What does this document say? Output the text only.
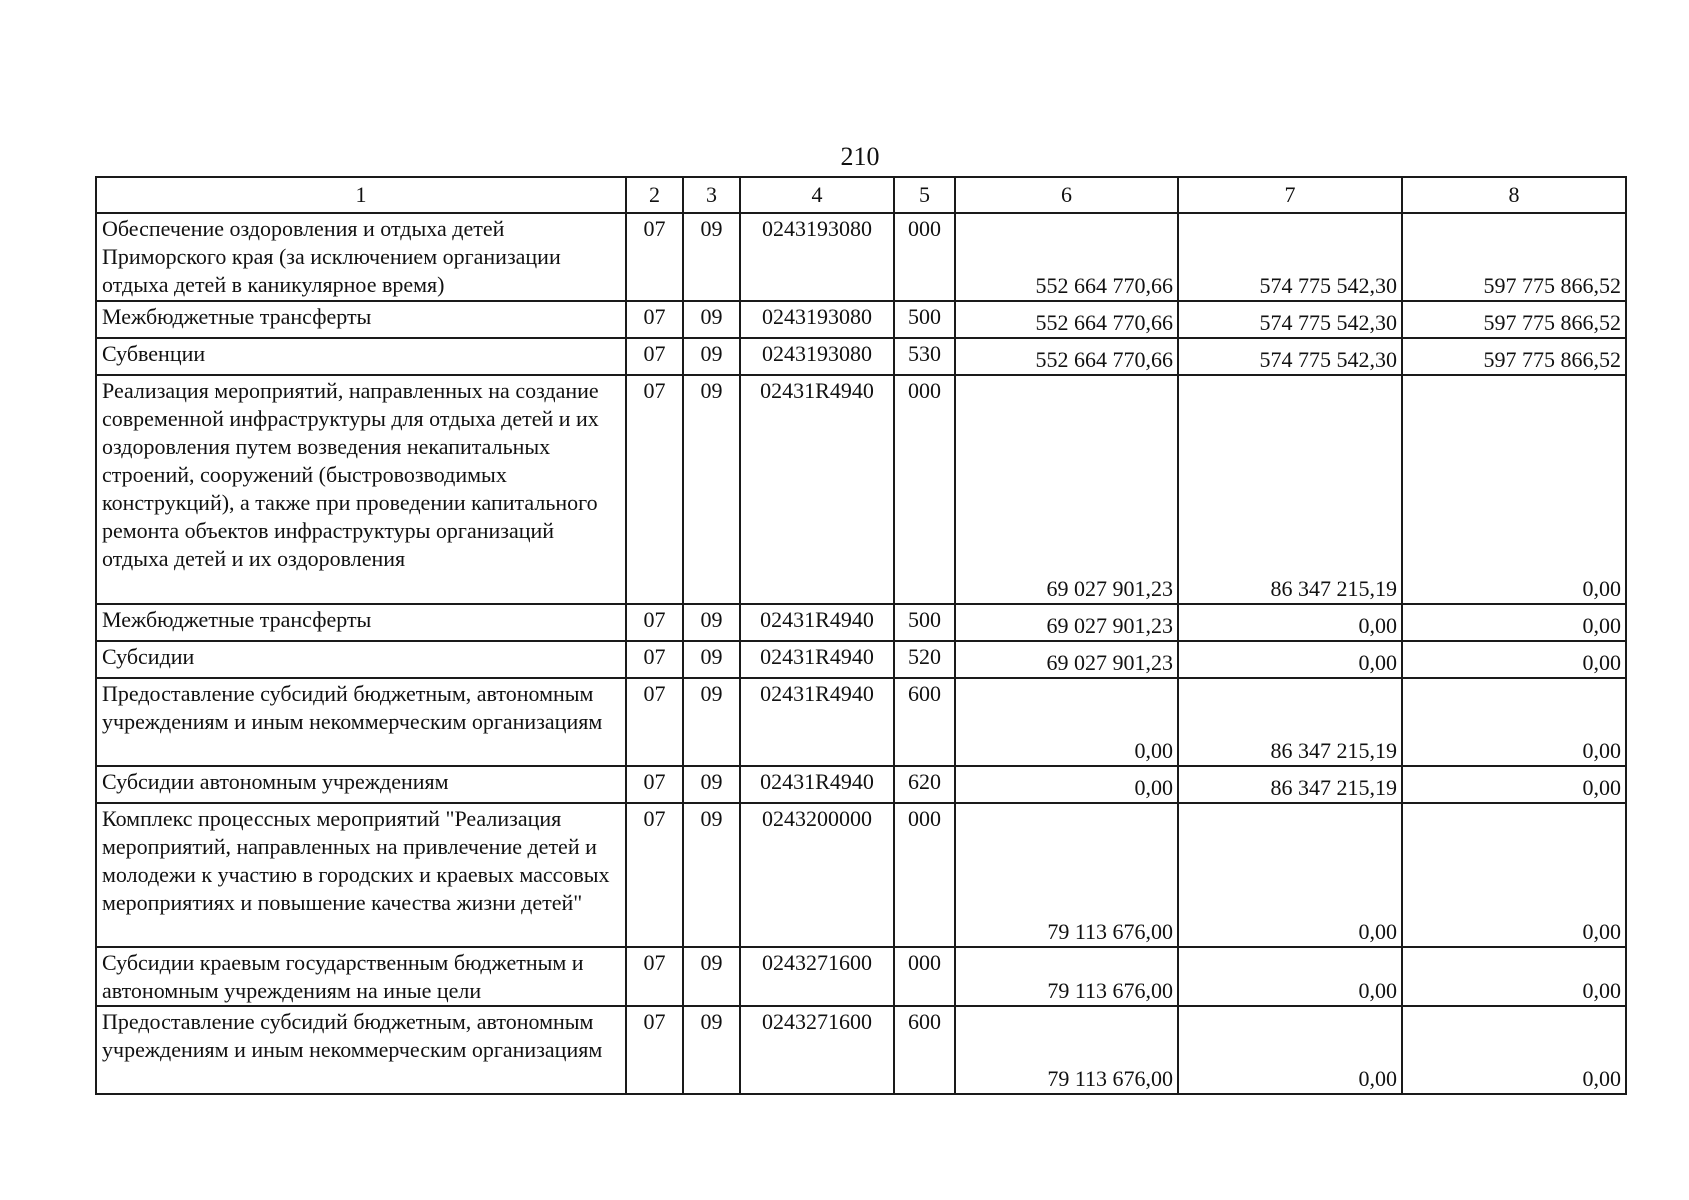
210
1	2	3	4	5	6	7	8
Обеспечение оздоровления и отдыха детей Приморского края (за исключением организации отдыха детей в каникулярное время)	07	09	0243193080	000	552 664 770,66	574 775 542,30	597 775 866,52
Межбюджетные трансферты	07	09	0243193080	500	552 664 770,66	574 775 542,30	597 775 866,52
Субвенции	07	09	0243193080	530	552 664 770,66	574 775 542,30	597 775 866,52
Реализация мероприятий, направленных на создание современной инфраструктуры для отдыха детей и их оздоровления путем возведения некапитальных строений, сооружений (быстровозводимых конструкций), а также при проведении капитального ремонта объектов инфраструктуры организаций отдыха детей и их оздоровления	07	09	02431R4940	000	69 027 901,23	86 347 215,19	0,00
Межбюджетные трансферты	07	09	02431R4940	500	69 027 901,23	0,00	0,00
Субсидии	07	09	02431R4940	520	69 027 901,23	0,00	0,00
Предоставление субсидий бюджетным, автономным учреждениям и иным некоммерческим организациям	07	09	02431R4940	600	0,00	86 347 215,19	0,00
Субсидии автономным учреждениям	07	09	02431R4940	620	0,00	86 347 215,19	0,00
Комплекс процессных мероприятий "Реализация мероприятий, направленных на привлечение детей и молодежи к участию в городских и краевых массовых мероприятиях и повышение качества жизни детей"	07	09	0243200000	000	79 113 676,00	0,00	0,00
Субсидии краевым государственным бюджетным и автономным учреждениям на иные цели	07	09	0243271600	000	79 113 676,00	0,00	0,00
Предоставление субсидий бюджетным, автономным учреждениям и иным некоммерческим организациям	07	09	0243271600	600	79 113 676,00	0,00	0,00
